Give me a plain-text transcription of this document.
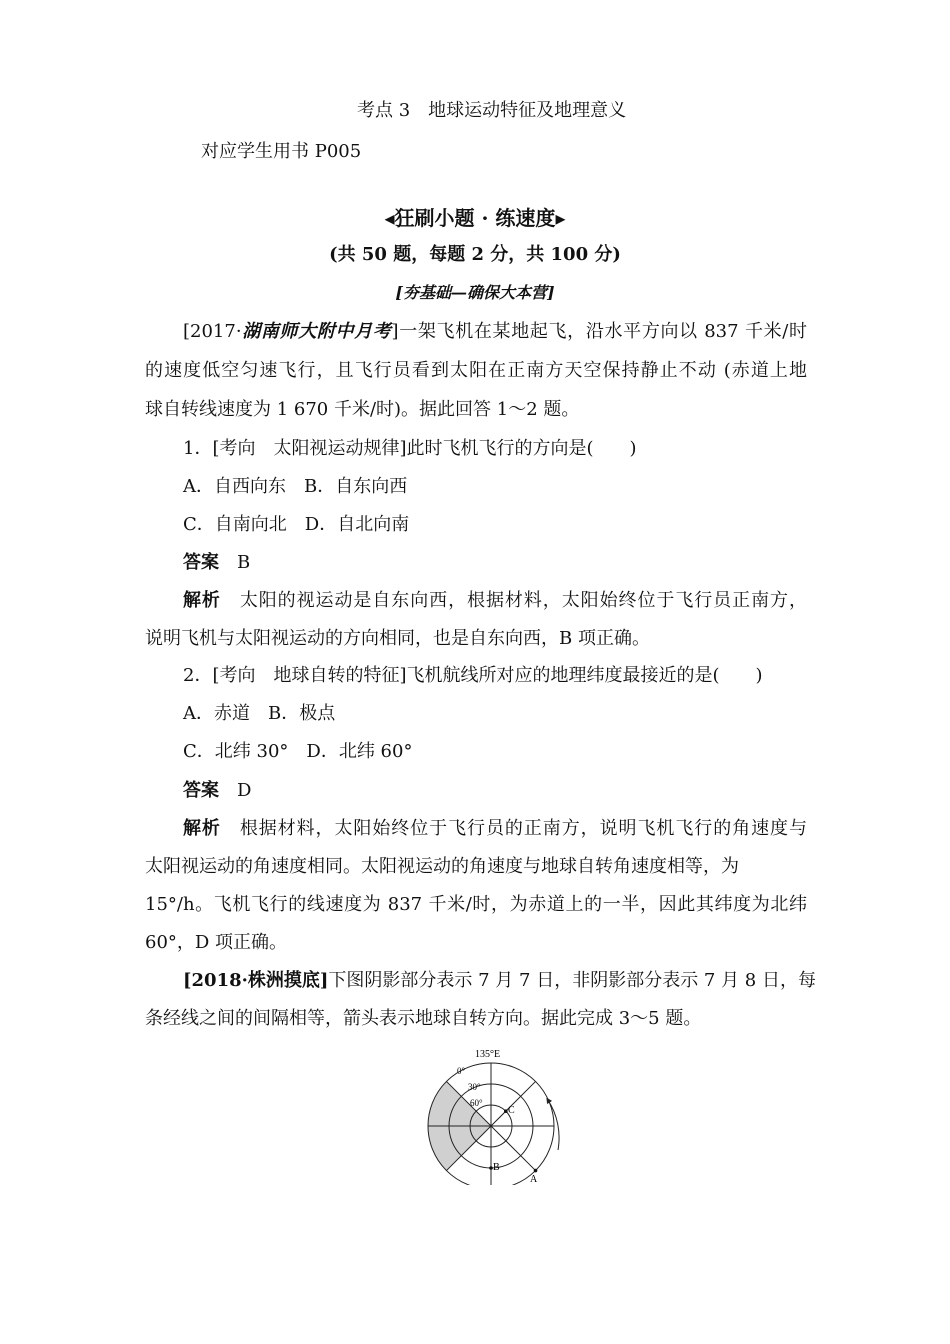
考点 3　地球运动特征及地理意义
对应学生用书 P005
◂狂刷小题 · 练速度▸
(共 50 题，每题 2 分，共 100 分)
[夯基础—确保大本营]
[2017·湖南师大附中月考]一架飞机在某地起飞，沿水平方向以 837 千米/时
的速度低空匀速飞行，且飞行员看到太阳在正南方天空保持静止不动 (赤道上地
球自转线速度为 1 670 千米/时)。据此回答 1～2 题。
1．[考向　太阳视运动规律]此时飞机飞行的方向是(　　)
A．自西向东 B．自东向西
C．自南向北 D．自北向南
答案  B
解析  太阳的视运动是自东向西，根据材料，太阳始终位于飞行员正南方，
说明飞机与太阳视运动的方向相同，也是自东向西，B 项正确。
2．[考向　地球自转的特征]飞机航线所对应的地理纬度最接近的是(　　)
A．赤道 B．极点
C．北纬 30° D．北纬 60°
答案  D
解析  根据材料，太阳始终位于飞行员的正南方，说明飞机飞行的角速度与
太阳视运动的角速度相同。太阳视运动的角速度与地球自转角速度相等，为
15°/h。飞机飞行的线速度为 837 千米/时，为赤道上的一半，因此其纬度为北纬
60°，D 项正确。
[2018·株洲摸底]下图阴影部分表示 7 月 7 日，非阴影部分表示 7 月 8 日，每
条经线之间的间隔相等，箭头表示地球自转方向。据此完成 3～5 题。
135°E
0°
30°
60°
C
B
A
